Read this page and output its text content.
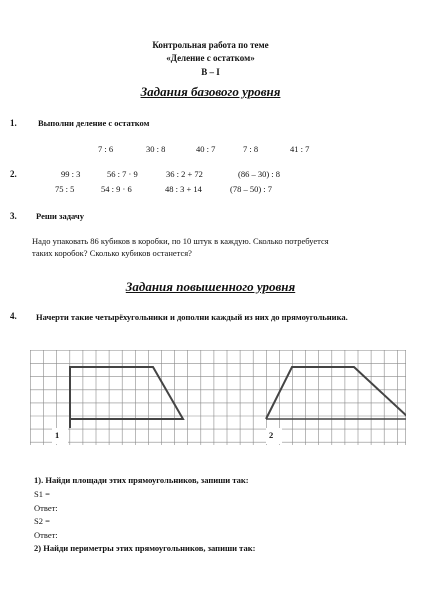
Контрольная работа по теме
«Деление с остатком»
В – I
Задания базового уровня
1.	Выполни деление с остатком
7 : 6	30 : 8	40 : 7	7 : 8	41 : 7
2.	99 : 3	56 : 7 · 9	36 : 2 + 72	(86 – 30) : 8
75 : 5	54 : 9 · 6	48 : 3 + 14	(78 – 50) : 7
3. Реши задачу
Надо упаковать 86 кубиков в коробки, по 10 штук в каждую. Сколько потребуется таких коробок? Сколько кубиков останется?
Задания повышенного уровня
4. Начерти такие четырёхугольники и дополни каждый из них до прямоугольника.
1	2
1). Найди площади этих прямоугольников, запиши так:
S1 =
Ответ:
S2 =
Ответ:
2) Найди периметры этих прямоугольников, запиши так:
